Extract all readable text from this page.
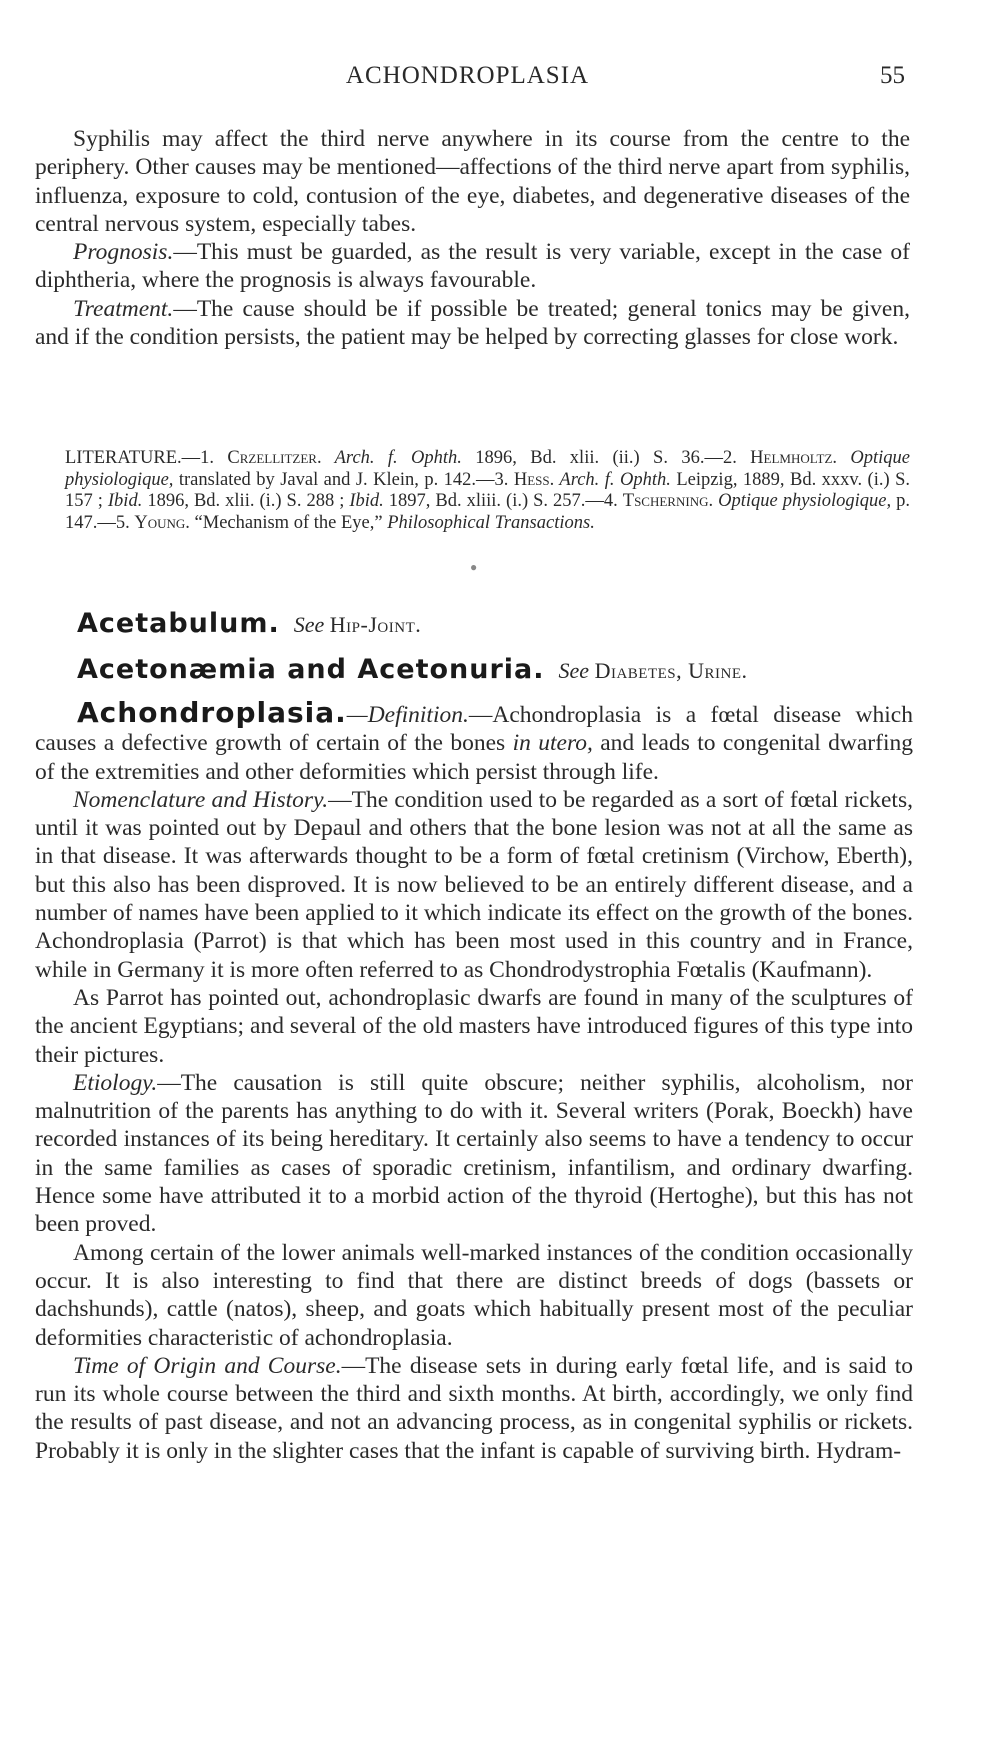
ACHONDROPLASIA	55

Syphilis may affect the third nerve anywhere in its course from the centre to the periphery. Other causes may be mentioned—affections of the third nerve apart from syphilis, influenza, exposure to cold, contusion of the eye, diabetes, and degenerative diseases of the central nervous system, especially tabes.

Prognosis.—This must be guarded, as the result is very variable, except in the case of diphtheria, where the prognosis is always favourable.

Treatment.—The cause should be if possible be treated; general tonics may be given, and if the condition persists, the patient may be helped by correcting glasses for close work.

LITERATURE.—1. Crzellitzer. Arch. f. Ophth. 1896, Bd. xlii. (ii.) S. 36.—2. Helmholtz. Optique physiologique, translated by Javal and J. Klein, p. 142.—3. Hess. Arch. f. Ophth. Leipzig, 1889, Bd. xxxv. (i.) S. 157 ; Ibid. 1896, Bd. xlii. (i.) S. 288 ; Ibid. 1897, Bd. xliii. (i.) S. 257.—4. Tscherning. Optique physiologique, p. 147.—5. Young. “Mechanism of the Eye,” Philosophical Transactions.
●
Acetabulum. See Hip-Joint.
Acetonæmia and Acetonuria. See Diabetes, Urine.

Achondroplasia.—Definition.—Achondroplasia is a fœtal disease which causes a defective growth of certain of the bones in utero, and leads to congenital dwarfing of the extremities and other deformities which persist through life.

Nomenclature and History.—The condition used to be regarded as a sort of fœtal rickets, until it was pointed out by Depaul and others that the bone lesion was not at all the same as in that disease. It was afterwards thought to be a form of fœtal cretinism (Virchow, Eberth), but this also has been disproved. It is now believed to be an entirely different disease, and a number of names have been applied to it which indicate its effect on the growth of the bones. Achondroplasia (Parrot) is that which has been most used in this country and in France, while in Germany it is more often referred to as Chondrodystrophia Fœtalis (Kaufmann).

As Parrot has pointed out, achondroplasic dwarfs are found in many of the sculptures of the ancient Egyptians; and several of the old masters have introduced figures of this type into their pictures.

Etiology.—The causation is still quite obscure; neither syphilis, alcoholism, nor malnutrition of the parents has anything to do with it. Several writers (Porak, Boeckh) have recorded instances of its being hereditary. It certainly also seems to have a tendency to occur in the same families as cases of sporadic cretinism, infantilism, and ordinary dwarfing. Hence some have attributed it to a morbid action of the thyroid (Hertoghe), but this has not been proved.

Among certain of the lower animals well-marked instances of the condition occasionally occur. It is also interesting to find that there are distinct breeds of dogs (bassets or dachshunds), cattle (natos), sheep, and goats which habitually present most of the peculiar deformities characteristic of achondroplasia.

Time of Origin and Course.—The disease sets in during early fœtal life, and is said to run its whole course between the third and sixth months. At birth, accordingly, we only find the results of past disease, and not an advancing process, as in congenital syphilis or rickets. Probably it is only in the slighter cases that the infant is capable of surviving birth. Hydram-
